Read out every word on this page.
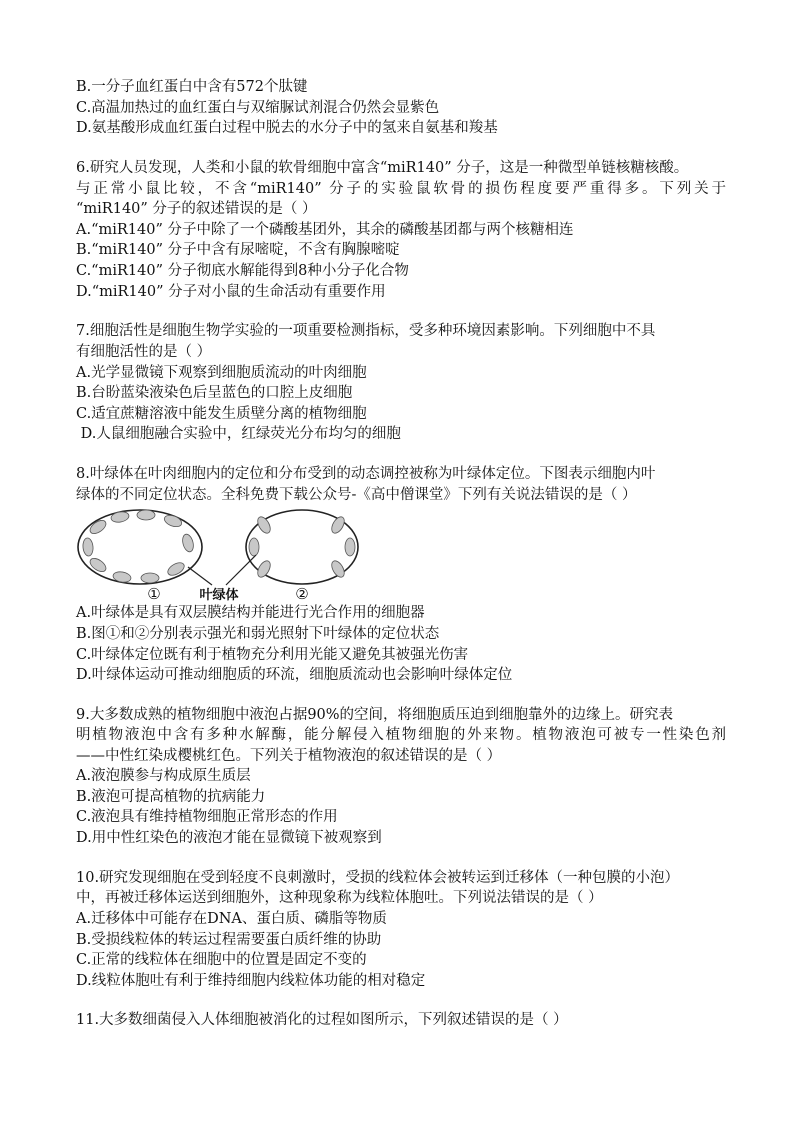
B.一分子血红蛋白中含有572个肽键
C.高温加热过的血红蛋白与双缩脲试剂混合仍然会显紫色
D.氨基酸形成血红蛋白过程中脱去的水分子中的氢来自氨基和羧基
6.研究人员发现，人类和小鼠的软骨细胞中富含“miR140” 分子，这是一种微型单链核糖核酸。
与正常小鼠比较，不含“miR140” 分子的实验鼠软骨的损伤程度要严重得多。下列关于
“miR140” 分子的叙述错误的是（ ）
A.“miR140” 分子中除了一个磷酸基团外，其余的磷酸基团都与两个核糖相连
B.“miR140” 分子中含有尿嘧啶，不含有胸腺嘧啶
C.“miR140” 分子彻底水解能得到8种小分子化合物
D.“miR140” 分子对小鼠的生命活动有重要作用
7.细胞活性是细胞生物学实验的一项重要检测指标，受多种环境因素影响。下列细胞中不具
有细胞活性的是（ ）
A.光学显微镜下观察到细胞质流动的叶肉细胞
B.台盼蓝染液染色后呈蓝色的口腔上皮细胞
C.适宜蔗糖溶液中能发生质壁分离的植物细胞
D.人鼠细胞融合实验中，红绿荧光分布均匀的细胞
8.叶绿体在叶肉细胞内的定位和分布受到的动态调控被称为叶绿体定位。下图表示细胞内叶
绿体的不同定位状态。全科免费下载公众号-《高中僧课堂》下列有关说法错误的是（ ）
叶绿体
①	②
A.叶绿体是具有双层膜结构并能进行光合作用的细胞器
B.图①和②分别表示强光和弱光照射下叶绿体的定位状态
C.叶绿体定位既有利于植物充分利用光能又避免其被强光伤害
D.叶绿体运动可推动细胞质的环流，细胞质流动也会影响叶绿体定位
9.大多数成熟的植物细胞中液泡占据90%的空间，将细胞质压迫到细胞靠外的边缘上。研究表
明植物液泡中含有多种水解酶，能分解侵入植物细胞的外来物。植物液泡可被专一性染色剂
——中性红染成樱桃红色。下列关于植物液泡的叙述错误的是（ ）
A.液泡膜参与构成原生质层
B.液泡可提高植物的抗病能力
C.液泡具有维持植物细胞正常形态的作用
D.用中性红染色的液泡才能在显微镜下被观察到
10.研究发现细胞在受到轻度不良刺激时，受损的线粒体会被转运到迁移体（一种包膜的小泡）
中，再被迁移体运送到细胞外，这种现象称为线粒体胞吐。下列说法错误的是（ ）
A.迁移体中可能存在DNA、蛋白质、磷脂等物质
B.受损线粒体的转运过程需要蛋白质纤维的协助
C.正常的线粒体在细胞中的位置是固定不变的
D.线粒体胞吐有利于维持细胞内线粒体功能的相对稳定
11.大多数细菌侵入人体细胞被消化的过程如图所示，下列叙述错误的是（ ）
